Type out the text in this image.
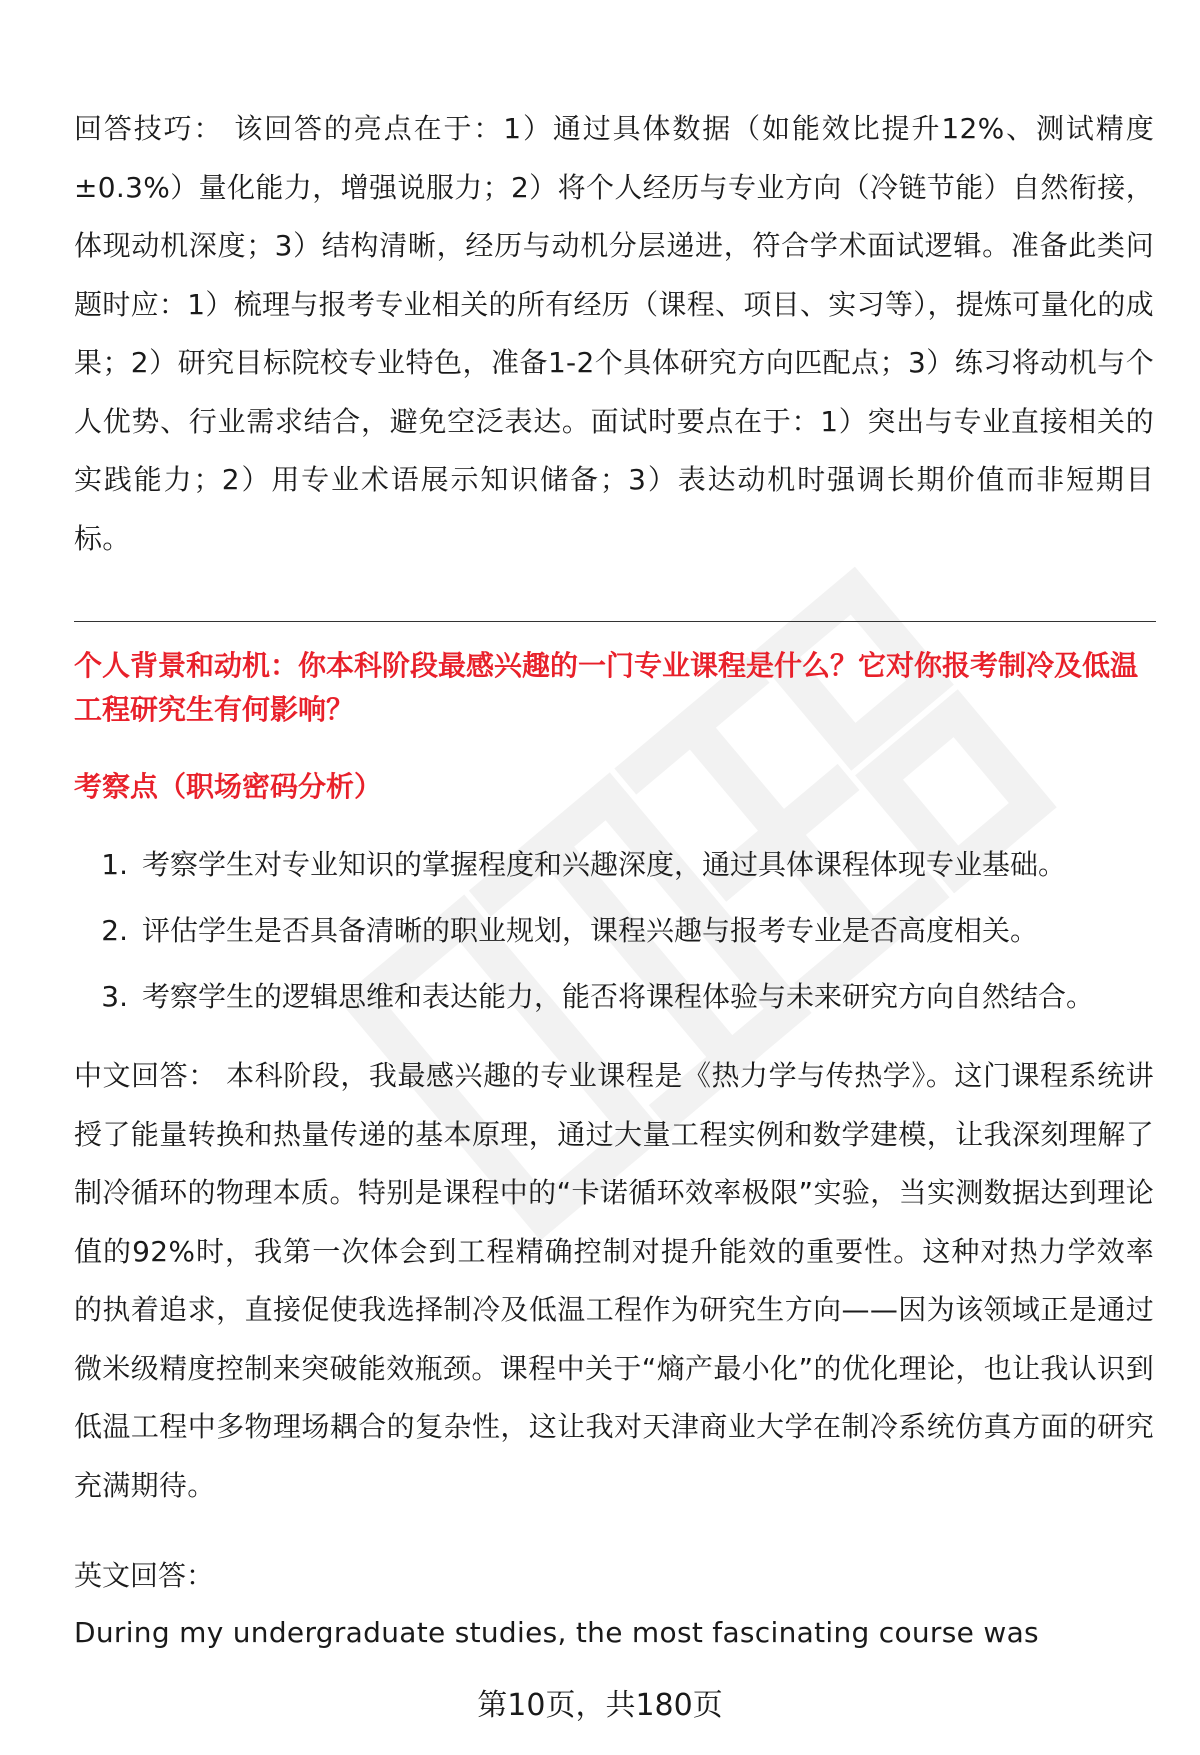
回答技巧： 该回答的亮点在于：1）通过具体数据（如能效比提升12%、测试精度±0.3%）量化能力，增强说服力；2）将个人经历与专业方向（冷链节能）自然衔接，体现动机深度；3）结构清晰，经历与动机分层递进，符合学术面试逻辑。准备此类问题时应：1）梳理与报考专业相关的所有经历（课程、项目、实习等），提炼可量化的成果；2）研究目标院校专业特色，准备1-2个具体研究方向匹配点；3）练习将动机与个人优势、行业需求结合，避免空泛表达。面试时要点在于：1）突出与专业直接相关的实践能力；2）用专业术语展示知识储备；3）表达动机时强调长期价值而非短期目标。

个人背景和动机：你本科阶段最感兴趣的一门专业课程是什么？它对你报考制冷及低温工程研究生有何影响？

考察点（职场密码分析）

1. 考察学生对专业知识的掌握程度和兴趣深度，通过具体课程体现专业基础。
2. 评估学生是否具备清晰的职业规划，课程兴趣与报考专业是否高度相关。
3. 考察学生的逻辑思维和表达能力，能否将课程体验与未来研究方向自然结合。

中文回答： 本科阶段，我最感兴趣的专业课程是《热力学与传热学》。这门课程系统讲授了能量转换和热量传递的基本原理，通过大量工程实例和数学建模，让我深刻理解了制冷循环的物理本质。特别是课程中的“卡诺循环效率极限”实验，当实测数据达到理论值的92%时，我第一次体会到工程精确控制对提升能效的重要性。这种对热力学效率的执着追求，直接促使我选择制冷及低温工程作为研究生方向——因为该领域正是通过微米级精度控制来突破能效瓶颈。课程中关于“熵产最小化”的优化理论，也让我认识到低温工程中多物理场耦合的复杂性，这让我对天津商业大学在制冷系统仿真方面的研究充满期待。

英文回答：

During my undergraduate studies, the most fascinating course was

第10页，共180页
